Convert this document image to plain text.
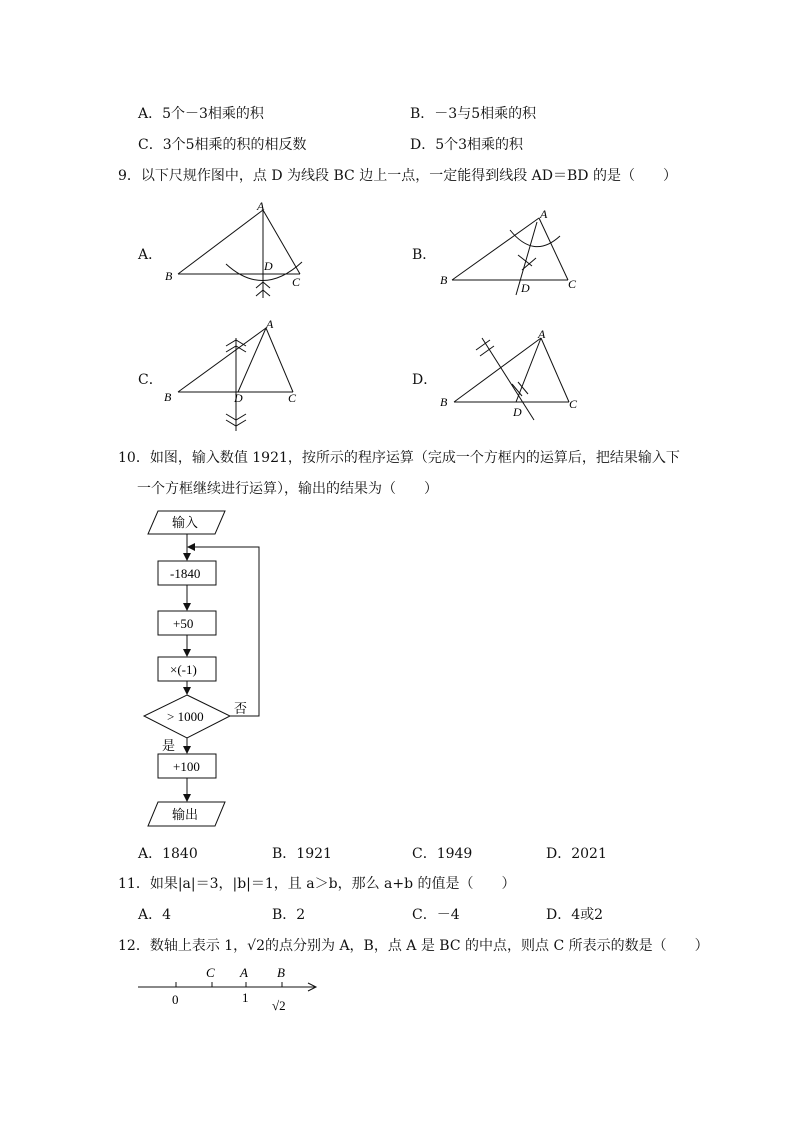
A．5个－3相乘的积	B．－3与5相乘的积
C．3个5相乘的积的相反数	D．5个3相乘的积
9．以下尺规作图中，点 D 为线段 BC 边上一点，一定能得到线段 AD＝BD 的是（　　）
A．
A
B	C
D
B．
A
B	C
D
C．
A
B	C
D
D．
A
B	C
D
10．如图，输入数值 1921，按所示的程序运算（完成一个方框内的运算后，把结果输入下
一个方框继续进行运算），输出的结果为（　　）
输入
-1840
+50
×(-1)
> 1000
否
是
+100
输出
A．1840	B．1921	C．1949	D．2021
11．如果|a|＝3，|b|＝1，且 a＞b，那么 a+b 的值是（　　）
A．4	B．2	C．－4	D．4或2
12．数轴上表示 1，√2的点分别为 A，B，点 A 是 BC 的中点，则点 C 所表示的数是（　　）
C A B
0	1
√2
